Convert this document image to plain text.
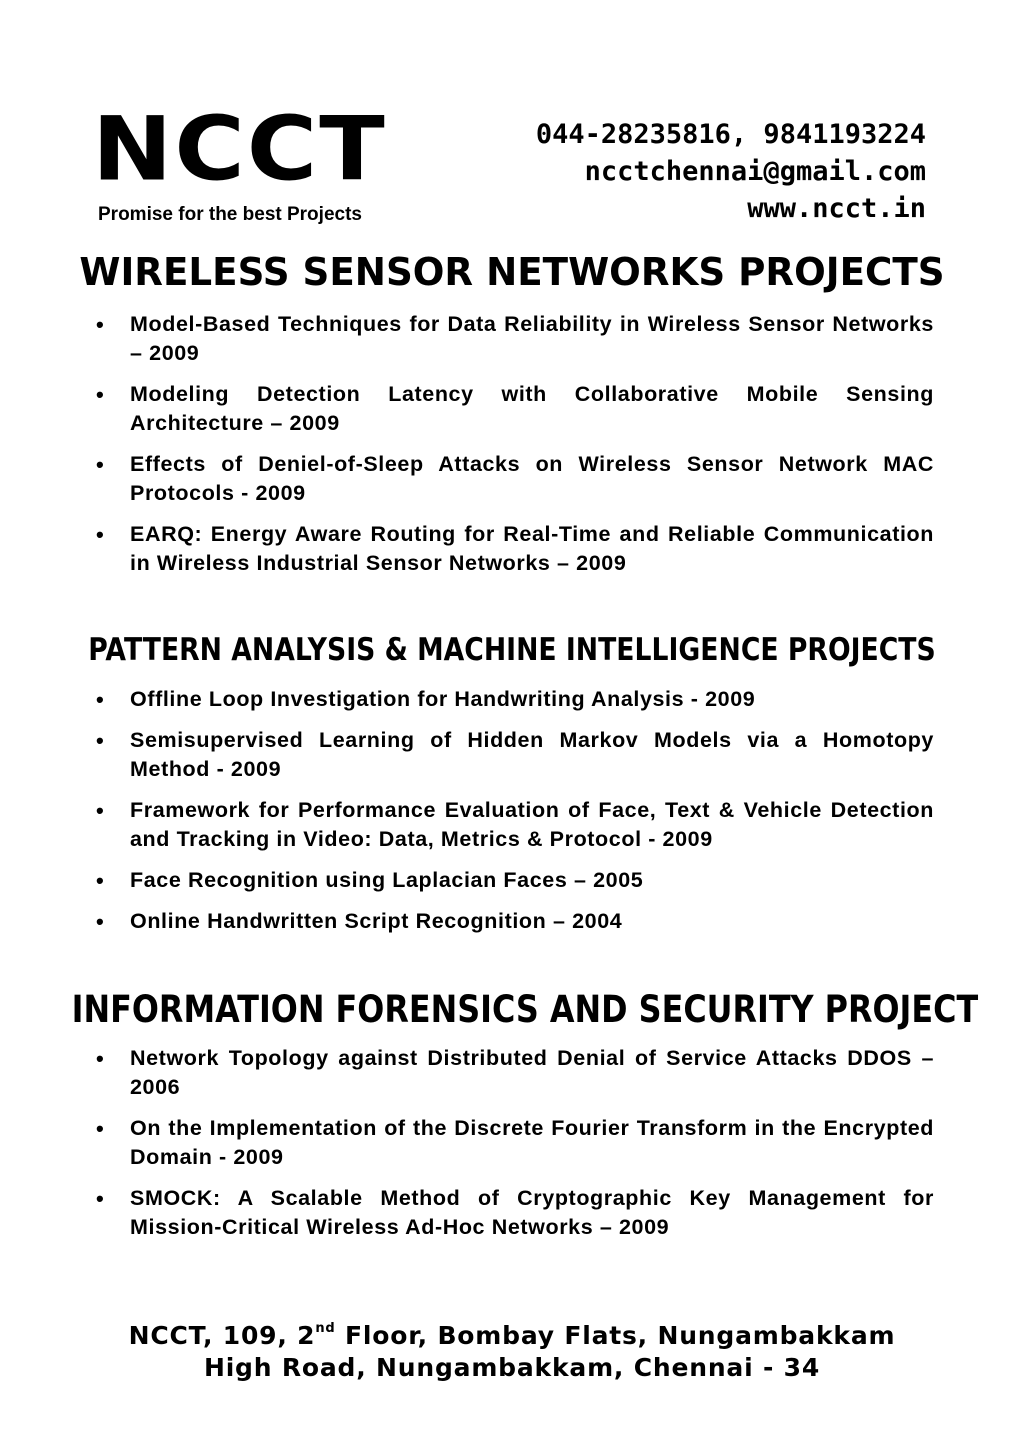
NCCT
Promise for the best Projects
044-28235816, 9841193224
ncctchennai@gmail.com
www.ncct.in
WIRELESS SENSOR NETWORKS PROJECTS
• Model-Based Techniques for Data Reliability in Wireless Sensor Networks – 2009
• Modeling Detection Latency with Collaborative Mobile Sensing Architecture – 2009
• Effects of Deniel-of-Sleep Attacks on Wireless Sensor Network MAC Protocols - 2009
• EARQ: Energy Aware Routing for Real-Time and Reliable Communication in Wireless Industrial Sensor Networks – 2009
PATTERN ANALYSIS & MACHINE INTELLIGENCE PROJECTS
• Offline Loop Investigation for Handwriting Analysis - 2009
• Semisupervised Learning of Hidden Markov Models via a Homotopy Method - 2009
• Framework for Performance Evaluation of Face, Text & Vehicle Detection and Tracking in Video: Data, Metrics & Protocol - 2009
• Face Recognition using Laplacian Faces – 2005
• Online Handwritten Script Recognition – 2004
INFORMATION FORENSICS AND SECURITY PROJECT
• Network Topology against Distributed Denial of Service Attacks DDOS – 2006
• On the Implementation of the Discrete Fourier Transform in the Encrypted Domain - 2009
• SMOCK: A Scalable Method of Cryptographic Key Management for Mission-Critical Wireless Ad-Hoc Networks – 2009
NCCT, 109, 2nd Floor, Bombay Flats, Nungambakkam
High Road, Nungambakkam, Chennai - 34
